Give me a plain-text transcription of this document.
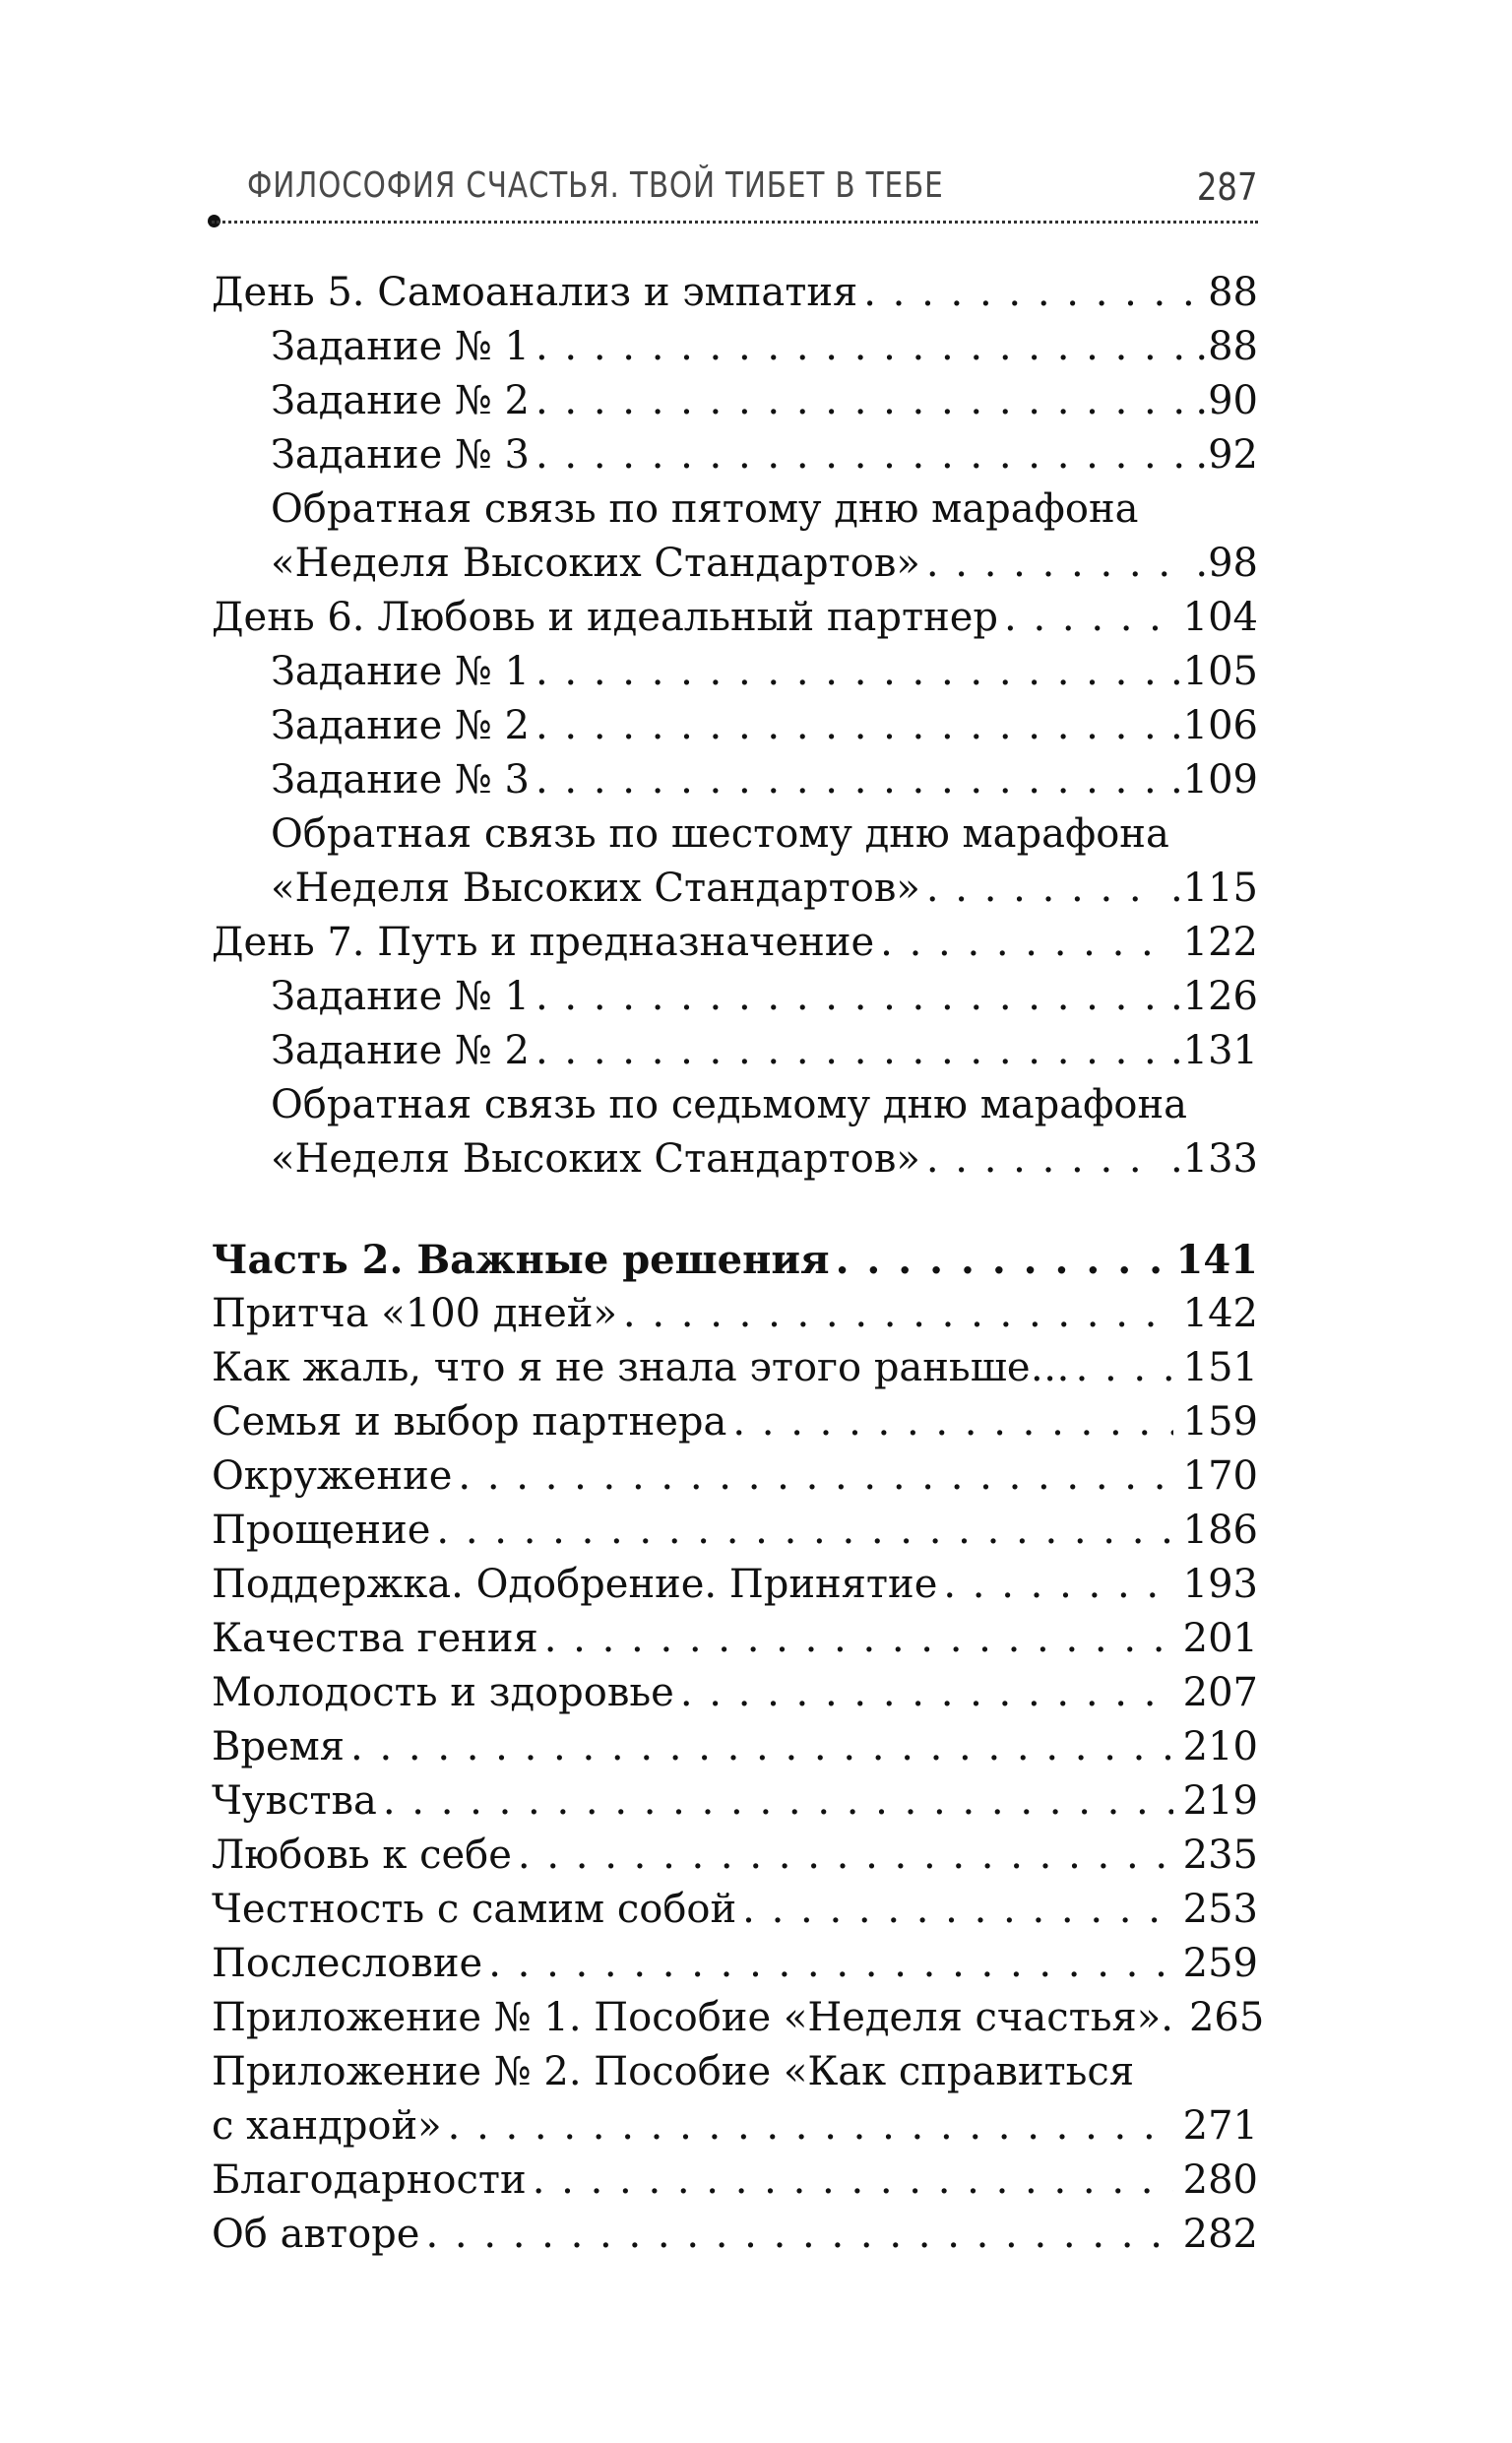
ФИЛОСОФИЯ СЧАСТЬЯ. ТВОЙ ТИБЕТ В ТЕБЕ	287
День 5. Самоанализ и эмпатия . . .	88
Задание № 1 . . .	.88
Задание № 2 . . .	.90
Задание № 3 . . .	.92
Обратная связь по пятому дню марафона
«Неделя Высоких Стандартов» . . .	.98
День 6. Любовь и идеальный партнер . . .	104
Задание № 1 . . .	.105
Задание № 2 . . .	.106
Задание № 3 . . .	.109
Обратная связь по шестому дню марафона
«Неделя Высоких Стандартов» . . .	.115
День 7. Путь и предназначение . . .	122
Задание № 1 . . .	.126
Задание № 2 . . .	.131
Обратная связь по седьмому дню марафона
«Неделя Высоких Стандартов» . . .	.133
Часть 2. Важные решения . . .	141
Притча «100 дней» . . .	142
Как жаль, что я не знала этого раньше… . . .	151
Семья и выбор партнера . . .	159
Окружение . . .	170
Прощение . . .	186
Поддержка. Одобрение. Принятие . . .	193
Качества гения . . .	201
Молодость и здоровье . . .	207
Время . . .	210
Чувства . . .	219
Любовь к себе . . .	235
Честность с самим собой . . .	253
Послесловие . . .	259
Приложение № 1. Пособие «Неделя счастья». 265
Приложение № 2. Пособие «Как справиться
с хандрой» . . .	271
Благодарности . . .	280
Об авторе . . .	282
